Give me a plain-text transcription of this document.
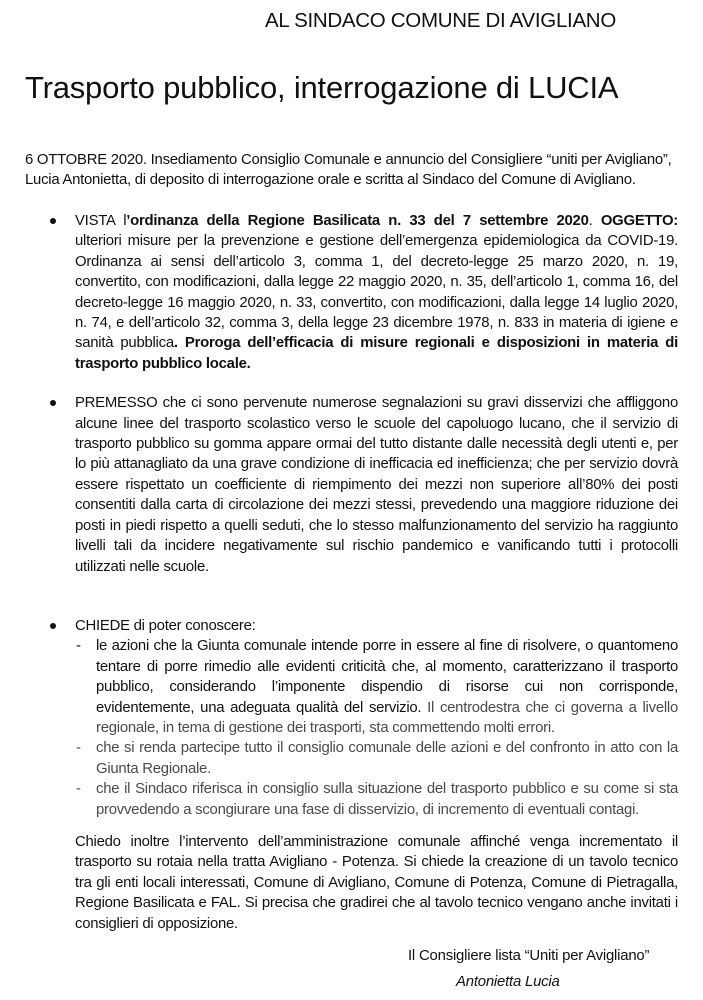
AL SINDACO COMUNE DI AVIGLIANO
Trasporto pubblico, interrogazione di LUCIA

6 OTTOBRE 2020. Insediamento Consiglio Comunale e annuncio del Consigliere “uniti per Avigliano”, Lucia Antonietta, di deposito di interrogazione orale e scritta al Sindaco del Comune di Avigliano.

VISTA l’ordinanza della Regione Basilicata n. 33 del 7 settembre 2020. OGGETTO: ulteriori misure per la prevenzione e gestione dell’emergenza epidemiologica da COVID-19. Ordinanza ai sensi dell’articolo 3, comma 1, del decreto-legge 25 marzo 2020, n. 19, convertito, con modificazioni, dalla legge 22 maggio 2020, n. 35, dell’articolo 1, comma 16, del decreto-legge 16 maggio 2020, n. 33, convertito, con modificazioni, dalla legge 14 luglio 2020, n. 74, e dell’articolo 32, comma 3, della legge 23 dicembre 1978, n. 833 in materia di igiene e sanità pubblica. Proroga dell’efficacia di misure regionali e disposizioni in materia di trasporto pubblico locale.
PREMESSO che ci sono pervenute numerose segnalazioni su gravi disservizi che affliggono alcune linee del trasporto scolastico verso le scuole del capoluogo lucano, che il servizio di trasporto pubblico su gomma appare ormai del tutto distante dalle necessità degli utenti e, per lo più attanagliato da una grave condizione di inefficacia ed inefficienza; che per servizio dovrà essere rispettato un coefficiente di riempimento dei mezzi non superiore all’80% dei posti consentiti dalla carta di circolazione dei mezzi stessi, prevedendo una maggiore riduzione dei posti in piedi rispetto a quelli seduti, che lo stesso malfunzionamento del servizio ha raggiunto livelli tali da incidere negativamente sul rischio pandemico e vanificando tutti i protocolli utilizzati nelle scuole.
CHIEDE di poter conoscere:
- le azioni che la Giunta comunale intende porre in essere al fine di risolvere, o quantomeno tentare di porre rimedio alle evidenti criticità che, al momento, caratterizzano il trasporto pubblico, considerando l’imponente dispendio di risorse cui non corrisponde, evidentemente, una adeguata qualità del servizio. Il centrodestra che ci governa a livello regionale, in tema di gestione dei trasporti, sta commettendo molti errori.
- che si renda partecipe tutto il consiglio comunale delle azioni e del confronto in atto con la Giunta Regionale.
- che il Sindaco riferisca in consiglio sulla situazione del trasporto pubblico e su come si sta provvedendo a scongiurare una fase di disservizio, di incremento di eventuali contagi.
Chiedo inoltre l’intervento dell’amministrazione comunale affinché venga incrementato il trasporto su rotaia nella tratta Avigliano - Potenza. Si chiede la creazione di un tavolo tecnico tra gli enti locali interessati, Comune di Avigliano, Comune di Potenza, Comune di Pietragalla, Regione Basilicata e FAL. Si precisa che gradirei che al tavolo tecnico vengano anche invitati i consiglieri di opposizione.
Il Consigliere lista “Uniti per Avigliano”
Antonietta Lucia
